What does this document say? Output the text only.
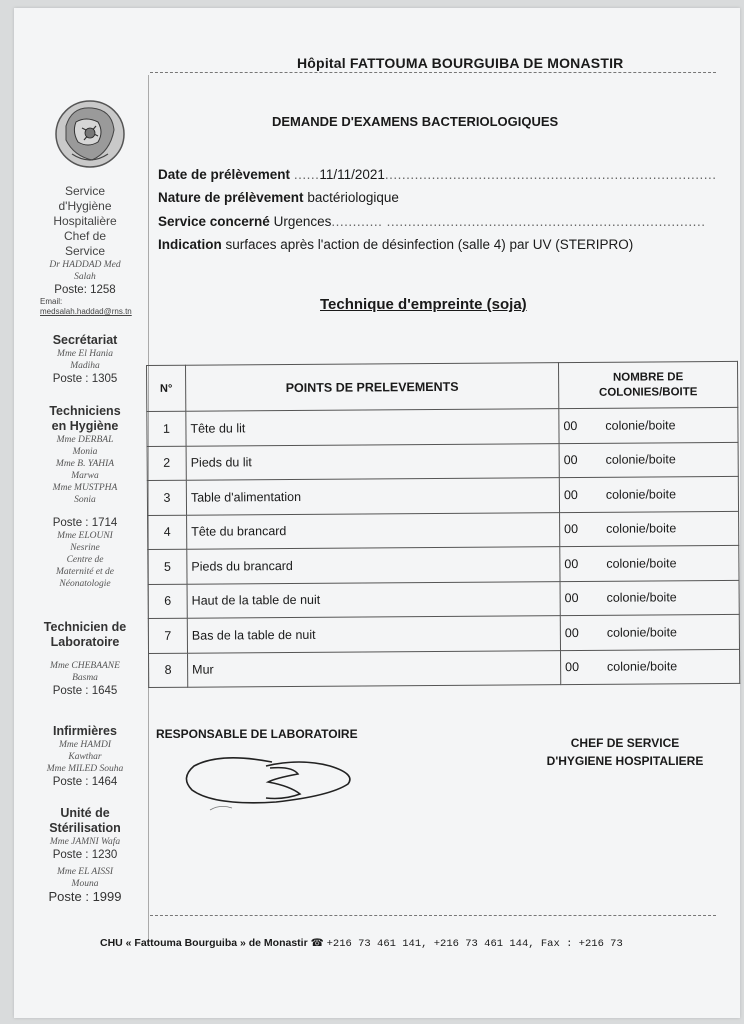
Hôpital FATTOUMA BOURGUIBA DE MONASTIR
Service
d'Hygiène
Hospitalière
Chef de
Service
Dr HADDAD Med
Salah
Poste: 1258
Email:
medsalah.haddad@rns.tn
Secrétariat
Mme El Hania
Madiha
Poste : 1305
Techniciens
en Hygiène
Mme DERBAL
Monia
Mme B. YAHIA
Marwa
Mme MUSTPHA
Sonia
Poste : 1714
Mme ELOUNI
Nesrine
Centre de
Maternité et de
Néonatologie
Technicien de
Laboratoire
Mme CHEBAANE
Basma
Poste : 1645
Infirmières
Mme HAMDI
Kawthar
Mme MILED Souha
Poste : 1464
Unité de
Stérilisation
Mme JAMNI Wafa
Poste : 1230
Mme EL AISSI
Mouna
Poste : 1999
DEMANDE D'EXAMENS BACTERIOLOGIQUES
Date de prélèvement ......11/11/2021..............................................................................
Nature de prélèvement bactériologique
Service concerné Urgences............ ...........................................................................
Indication surfaces après l'action de désinfection (salle 4) par UV (STERIPRO)
Technique d'empreinte (soja)
N°	POINTS DE PRELEVEMENTS	NOMBRE DE COLONIES/BOITE
1	Tête du lit	00 colonie/boite
2	Pieds du lit	00 colonie/boite
3	Table d'alimentation	00 colonie/boite
4	Tête du brancard	00 colonie/boite
5	Pieds du brancard	00 colonie/boite
6	Haut de la table de nuit	00 colonie/boite
7	Bas de la table de nuit	00 colonie/boite
8	Mur	00 colonie/boite
RESPONSABLE DE LABORATOIRE
CHEF DE SERVICE
D'HYGIENE HOSPITALIERE
CHU « Fattouma Bourguiba » de Monastir ☎ +216 73 461 141, +216 73 461 144, Fax : +216 73
